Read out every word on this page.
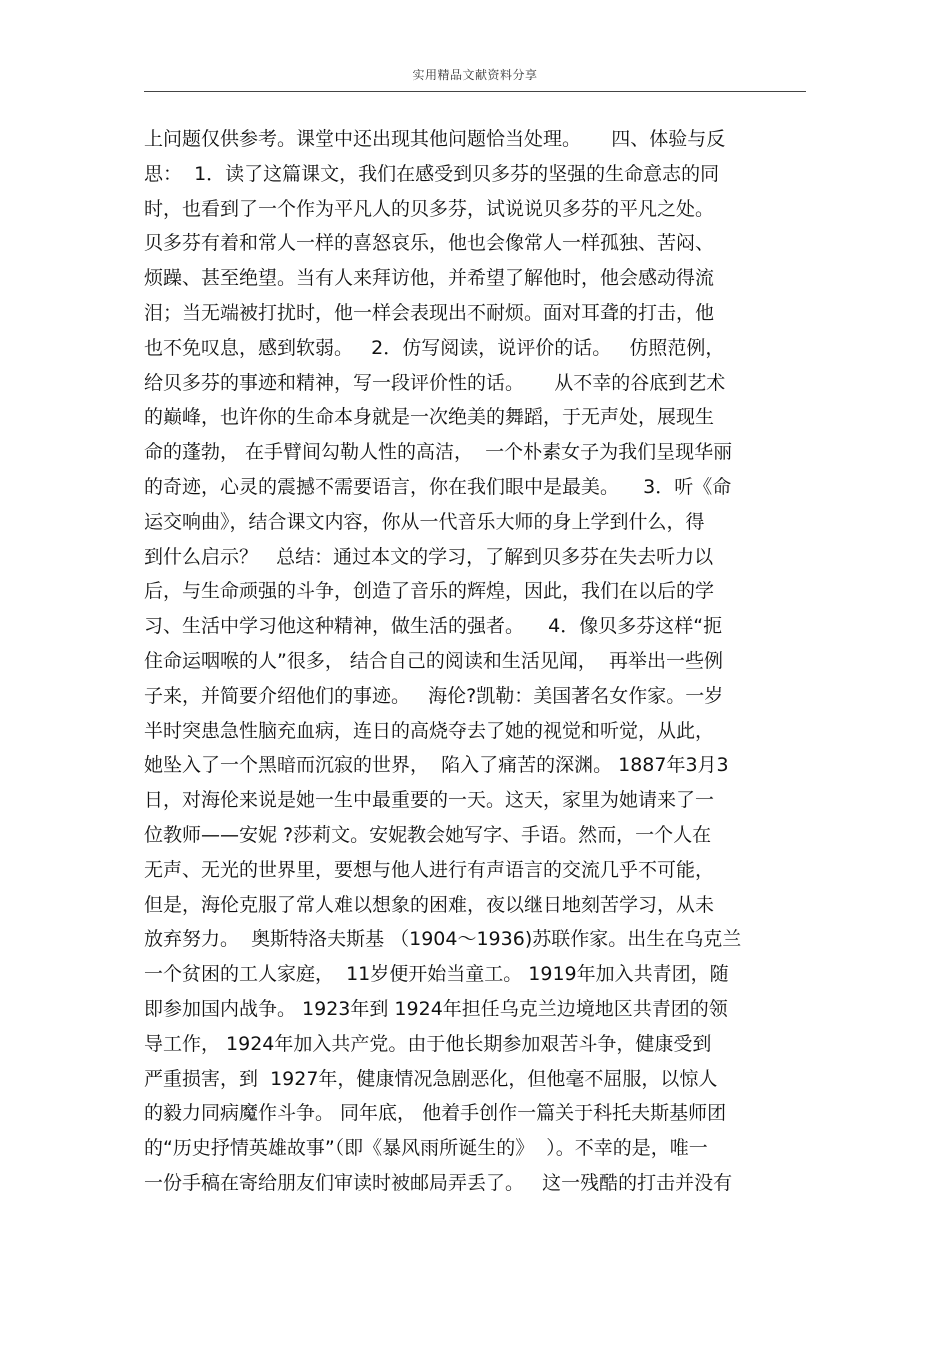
实用精品文献资料分享
上问题仅供参考。课堂中还出现其他问题恰当处理。     四、体验与反
思：  1．读了这篇课文，我们在感受到贝多芬的坚强的生命意志的同
时，也看到了一个作为平凡人的贝多芬，试说说贝多芬的平凡之处。
贝多芬有着和常人一样的喜怒哀乐，他也会像常人一样孤独、苦闷、
烦躁、甚至绝望。当有人来拜访他，并希望了解他时，他会感动得流
泪；当无端被打扰时，他一样会表现出不耐烦。面对耳聋的打击，他
也不免叹息，感到软弱。   2．仿写阅读，说评价的话。   仿照范例，
给贝多芬的事迹和精神，写一段评价性的话。     从不幸的谷底到艺术
的巅峰，也许你的生命本身就是一次绝美的舞蹈，于无声处，展现生
命的蓬勃， 在手臂间勾勒人性的高洁，  一个朴素女子为我们呈现华丽
的奇迹，心灵的震撼不需要语言，你在我们眼中是最美。    3．听《命
运交响曲》，结合课文内容，你从一代音乐大师的身上学到什么，得
到什么启示？   总结：通过本文的学习，了解到贝多芬在失去听力以
后，与生命顽强的斗争，创造了音乐的辉煌，因此，我们在以后的学
习、生活中学习他这种精神，做生活的强者。    4．像贝多芬这样“扼
住命运咽喉的人”很多， 结合自己的阅读和生活见闻，  再举出一些例
子来，并简要介绍他们的事迹。   海伦?凯勒：美国著名女作家。一岁
半时突患急性脑充血病，连日的高烧夺去了她的视觉和听觉，从此，
她坠入了一个黑暗而沉寂的世界，  陷入了痛苦的深渊。 1887年3月3
日，对海伦来说是她一生中最重要的一天。这天，家里为她请来了一
位教师——安妮 ?莎莉文。安妮教会她写字、手语。然而，一个人在
无声、无光的世界里，要想与他人进行有声语言的交流几乎不可能，
但是，海伦克服了常人难以想象的困难，夜以继日地刻苦学习，从未
放弃努力。  奥斯特洛夫斯基 （1904～1936)苏联作家。出生在乌克兰
一个贫困的工人家庭，  11岁便开始当童工。 1919年加入共青团，随
即参加国内战争。 1923年到 1924年担任乌克兰边境地区共青团的领
导工作， 1924年加入共产党。由于他长期参加艰苦斗争，健康受到
严重损害，到  1927年，健康情况急剧恶化，但他毫不屈服，以惊人
的毅力同病魔作斗争。 同年底， 他着手创作一篇关于科托夫斯基师团
的“历史抒情英雄故事”（即《暴风雨所诞生的》  ）。不幸的是，唯一
一份手稿在寄给朋友们审读时被邮局弄丢了。   这一残酷的打击并没有
